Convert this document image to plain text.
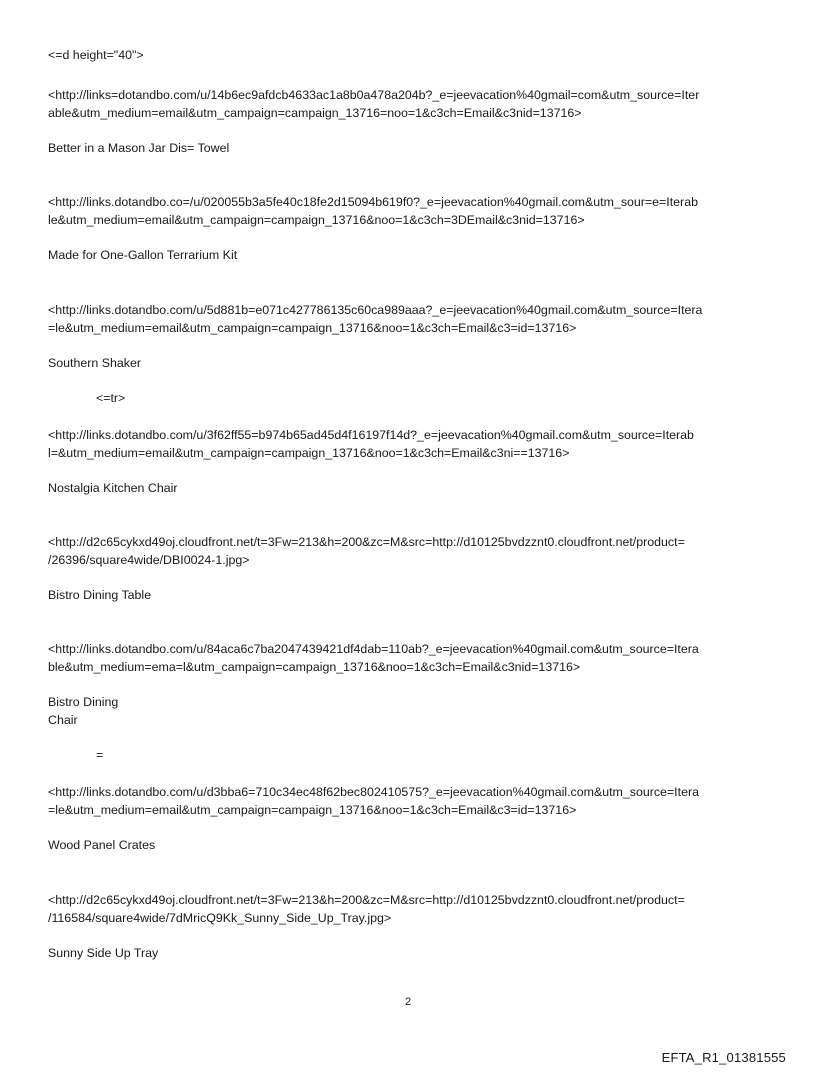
<=d height="40">
<http://links=dotandbo.com/u/14b6ec9afdcb4633ac1a8b0a478a204b?_e=jeevacation%40gmail=com&utm_source=Iter
able&utm_medium=email&utm_campaign=campaign_13716=noo=1&c3ch=Email&c3nid=13716>
Better in a Mason Jar Dis= Towel
<http://links.dotandbo.co=/u/020055b3a5fe40c18fe2d15094b619f0?_e=jeevacation%40gmail.com&utm_sour=e=Iterab
le&utm_medium=email&utm_campaign=campaign_13716&noo=1&c3ch=3DEmail&c3nid=13716>
Made for One-Gallon Terrarium Kit
<http://links.dotandbo.com/u/5d881b=e071c427786135c60ca989aaa?_e=jeevacation%40gmail.com&utm_source=Itera
=le&utm_medium=email&utm_campaign=campaign_13716&noo=1&c3ch=Email&c3=id=13716>
Southern Shaker
<=tr>
<http://links.dotandbo.com/u/3f62ff55=b974b65ad45d4f16197f14d?_e=jeevacation%40gmail.com&utm_source=Iterab
l=&utm_medium=email&utm_campaign=campaign_13716&noo=1&c3ch=Email&c3ni==13716>
Nostalgia Kitchen Chair
<http://d2c65cykxd49oj.cloudfront.net/t=3Fw=213&h=200&zc=M&src=http://d10125bvdzznt0.cloudfront.net/product=
/26396/square4wide/DBI0024-1.jpg>
Bistro Dining Table
<http://links.dotandbo.com/u/84aca6c7ba2047439421df4dab=110ab?_e=jeevacation%40gmail.com&utm_source=Itera
ble&utm_medium=ema=l&utm_campaign=campaign_13716&noo=1&c3ch=Email&c3nid=13716>
Bistro Dining
Chair
=
<http://links.dotandbo.com/u/d3bba6=710c34ec48f62bec802410575?_e=jeevacation%40gmail.com&utm_source=Itera
=le&utm_medium=email&utm_campaign=campaign_13716&noo=1&c3ch=Email&c3=id=13716>
Wood Panel Crates
<http://d2c65cykxd49oj.cloudfront.net/t=3Fw=213&h=200&zc=M&src=http://d10125bvdzznt0.cloudfront.net/product=
/116584/square4wide/7dMricQ9Kk_Sunny_Side_Up_Tray.jpg>
Sunny Side Up Tray
2
EFTA_R1_01381555
